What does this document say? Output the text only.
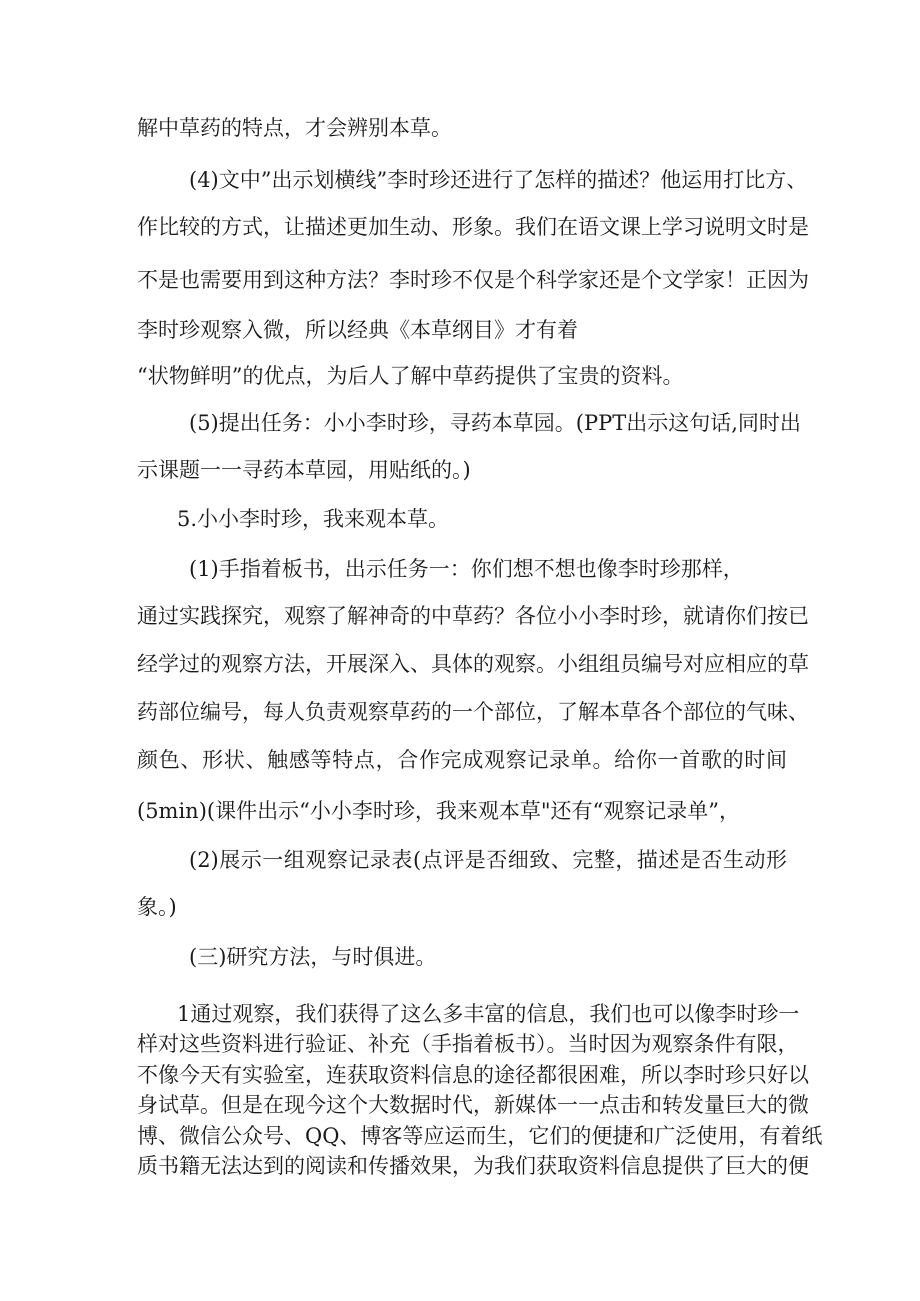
解中草药的特点，才会辨别本草。

(4)文中”出示划横线”李时珍还进行了怎样的描述？他运用打比方、

作比较的方式，让描述更加生动、形象。我们在语文课上学习说明文时是

不是也需要用到这种方法？李时珍不仅是个科学家还是个文学家！正因为

李时珍观察入微，所以经典《本草纲目》才有着

“状物鲜明”的优点，为后人了解中草药提供了宝贵的资料。

(5)提出任务：小小李时珍，寻药本草园。(PPT出示这句话,同时出

示课题一一寻药本草园，用贴纸的。)

5.小小李时珍，我来观本草。

(1)手指着板书，出示任务一：你们想不想也像李时珍那样，

通过实践探究，观察了解神奇的中草药？各位小小李时珍，就请你们按已

经学过的观察方法，开展深入、具体的观察。小组组员编号对应相应的草

药部位编号，每人负责观察草药的一个部位，了解本草各个部位的气味、

颜色、形状、触感等特点，合作完成观察记录单。给你一首歌的时间

(5min)(课件出示“小小李时珍，我来观本草"还有“观察记录单”，

(2)展示一组观察记录表(点评是否细致、完整，描述是否生动形

象。)

(三)研究方法，与时俱进。

1通过观察，我们获得了这么多丰富的信息，我们也可以像李时珍一

样对这些资料进行验证、补充（手指着板书）。当时因为观察条件有限，

不像今天有实验室，连获取资料信息的途径都很困难，所以李时珍只好以

身试草。但是在现今这个大数据时代，新媒体一一点击和转发量巨大的微

博、微信公众号、QQ、博客等应运而生，它们的便捷和广泛使用，有着纸

质书籍无法达到的阅读和传播效果，为我们获取资料信息提供了巨大的便
